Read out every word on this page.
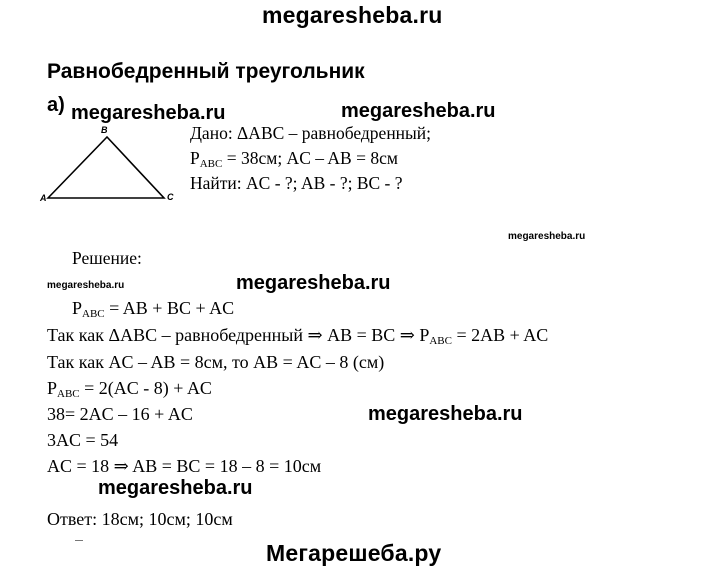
megaresheba.ru
Равнобедренный треугольник
а) megaresheba.ru	megaresheba.ru
B
A	C
Дано: ΔABC – равнобедренный;
$P_{ABC} = 38см$; AC – AB = 8см
Найти: AC - ?; AB - ?; BC - ?
megaresheba.ru
Решение:
megaresheba.ru	megaresheba.ru
$P_{ABC}$ = AB + BC + AC
Так как ΔABC – равнобедренный ⇒ AB = BC ⇒ $P_{ABC} = 2AB$ + AC
Так как AC – AB = 8см, то AB = AC – 8 (см)
$P_{ABC} = 2(AC - 8)$ + AC
38= 2AC – 16 + AC	megaresheba.ru
3AC = 54
AC = 18 ⇒ AB = BC = 18 – 8 = 10см
megaresheba.ru
Ответ: 18см; 10см; 10см
Мегарешеба.ру
